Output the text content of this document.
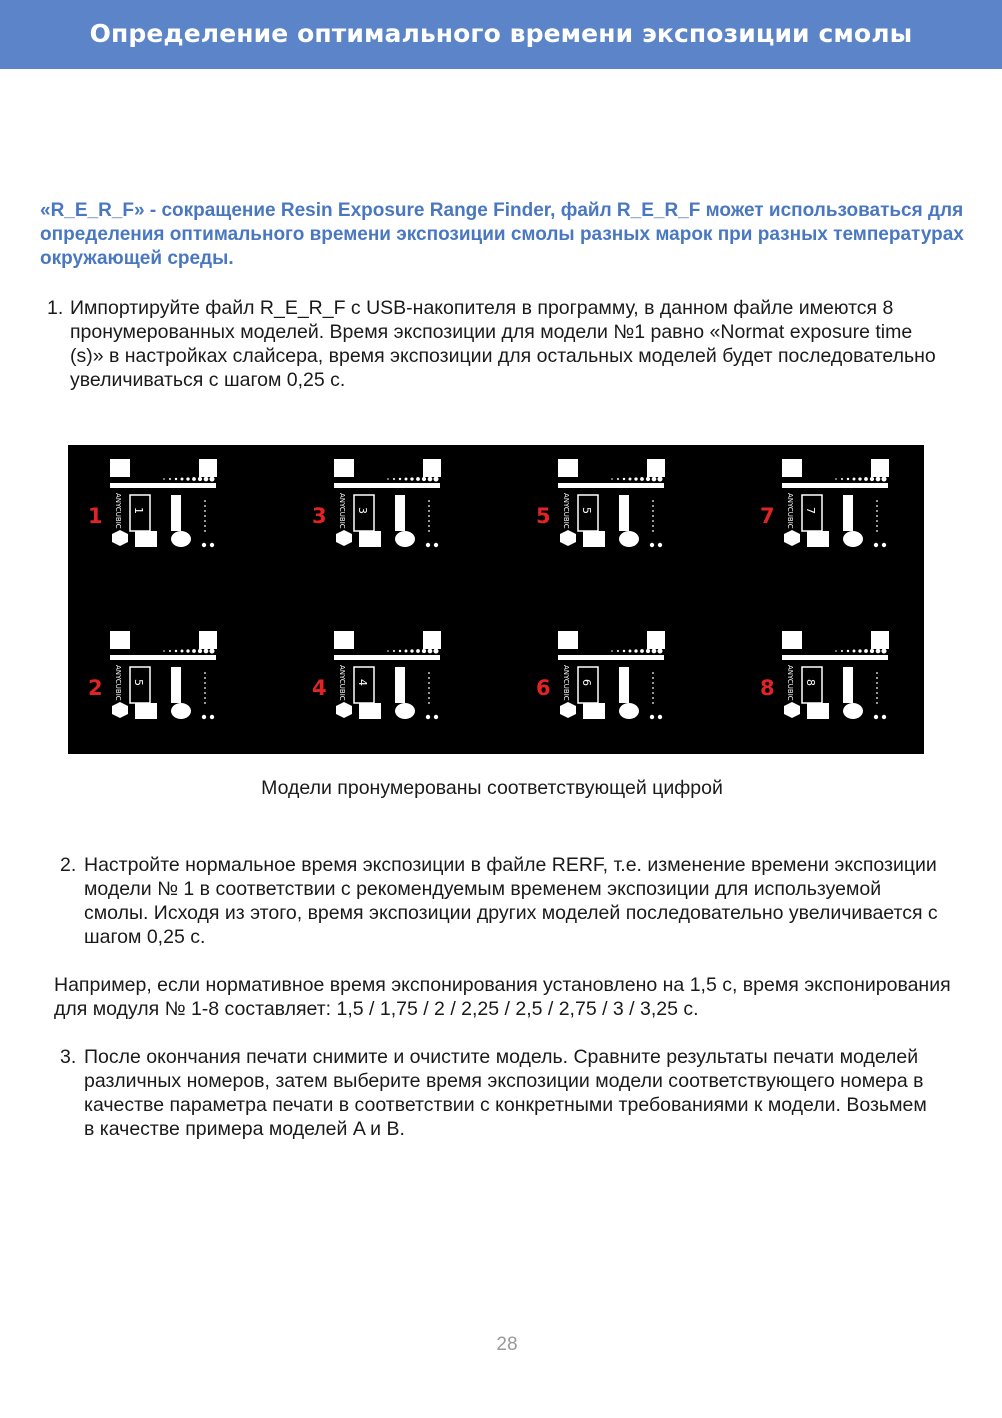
Определение оптимального времени экспозиции смолы

«R_E_R_F» - сокращение Resin Exposure Range Finder, файл R_E_R_F может использоваться для определения оптимального времени экспозиции смолы разных марок при разных температурах окружающей среды.

1. Импортируйте файл R_E_R_F с USB-накопителя в программу, в данном файле имеются 8 пронумерованных моделей. Время экспозиции для модели №1 равно «Normat exposure time (s)» в настройках слайсера, время экспозиции для остальных моделей будет последовательно увеличиваться с шагом 0,25 с.
1 ANYCUBIC 1	3 ANYCUBIC 3	5 ANYCUBIC 5	7 ANYCUBIC 7
2 ANYCUBIC 5	4 ANYCUBIC 4	6 ANYCUBIC 6	8 ANYCUBIC 8

Модели пронумерованы соответствующей цифрой

2. Настройте нормальное время экспозиции в файле RERF, т.е. изменение времени экспозиции модели № 1 в соответствии с рекомендуемым временем экспозиции для используемой смолы. Исходя из этого, время экспозиции других моделей последовательно увеличивается с шагом 0,25 с.

Например, если нормативное время экспонирования установлено на 1,5 с, время экспонирования для модуля № 1-8 составляет: 1,5 / 1,75 / 2 / 2,25 / 2,5 / 2,75 / 3 / 3,25 с.

3. После окончания печати снимите и очистите модель. Сравните результаты печати моделей различных номеров, затем выберите время экспозиции модели соответствующего номера в качестве параметра печати в соответствии с конкретными требованиями к модели. Возьмем в качестве примера моделей A и B.
28
